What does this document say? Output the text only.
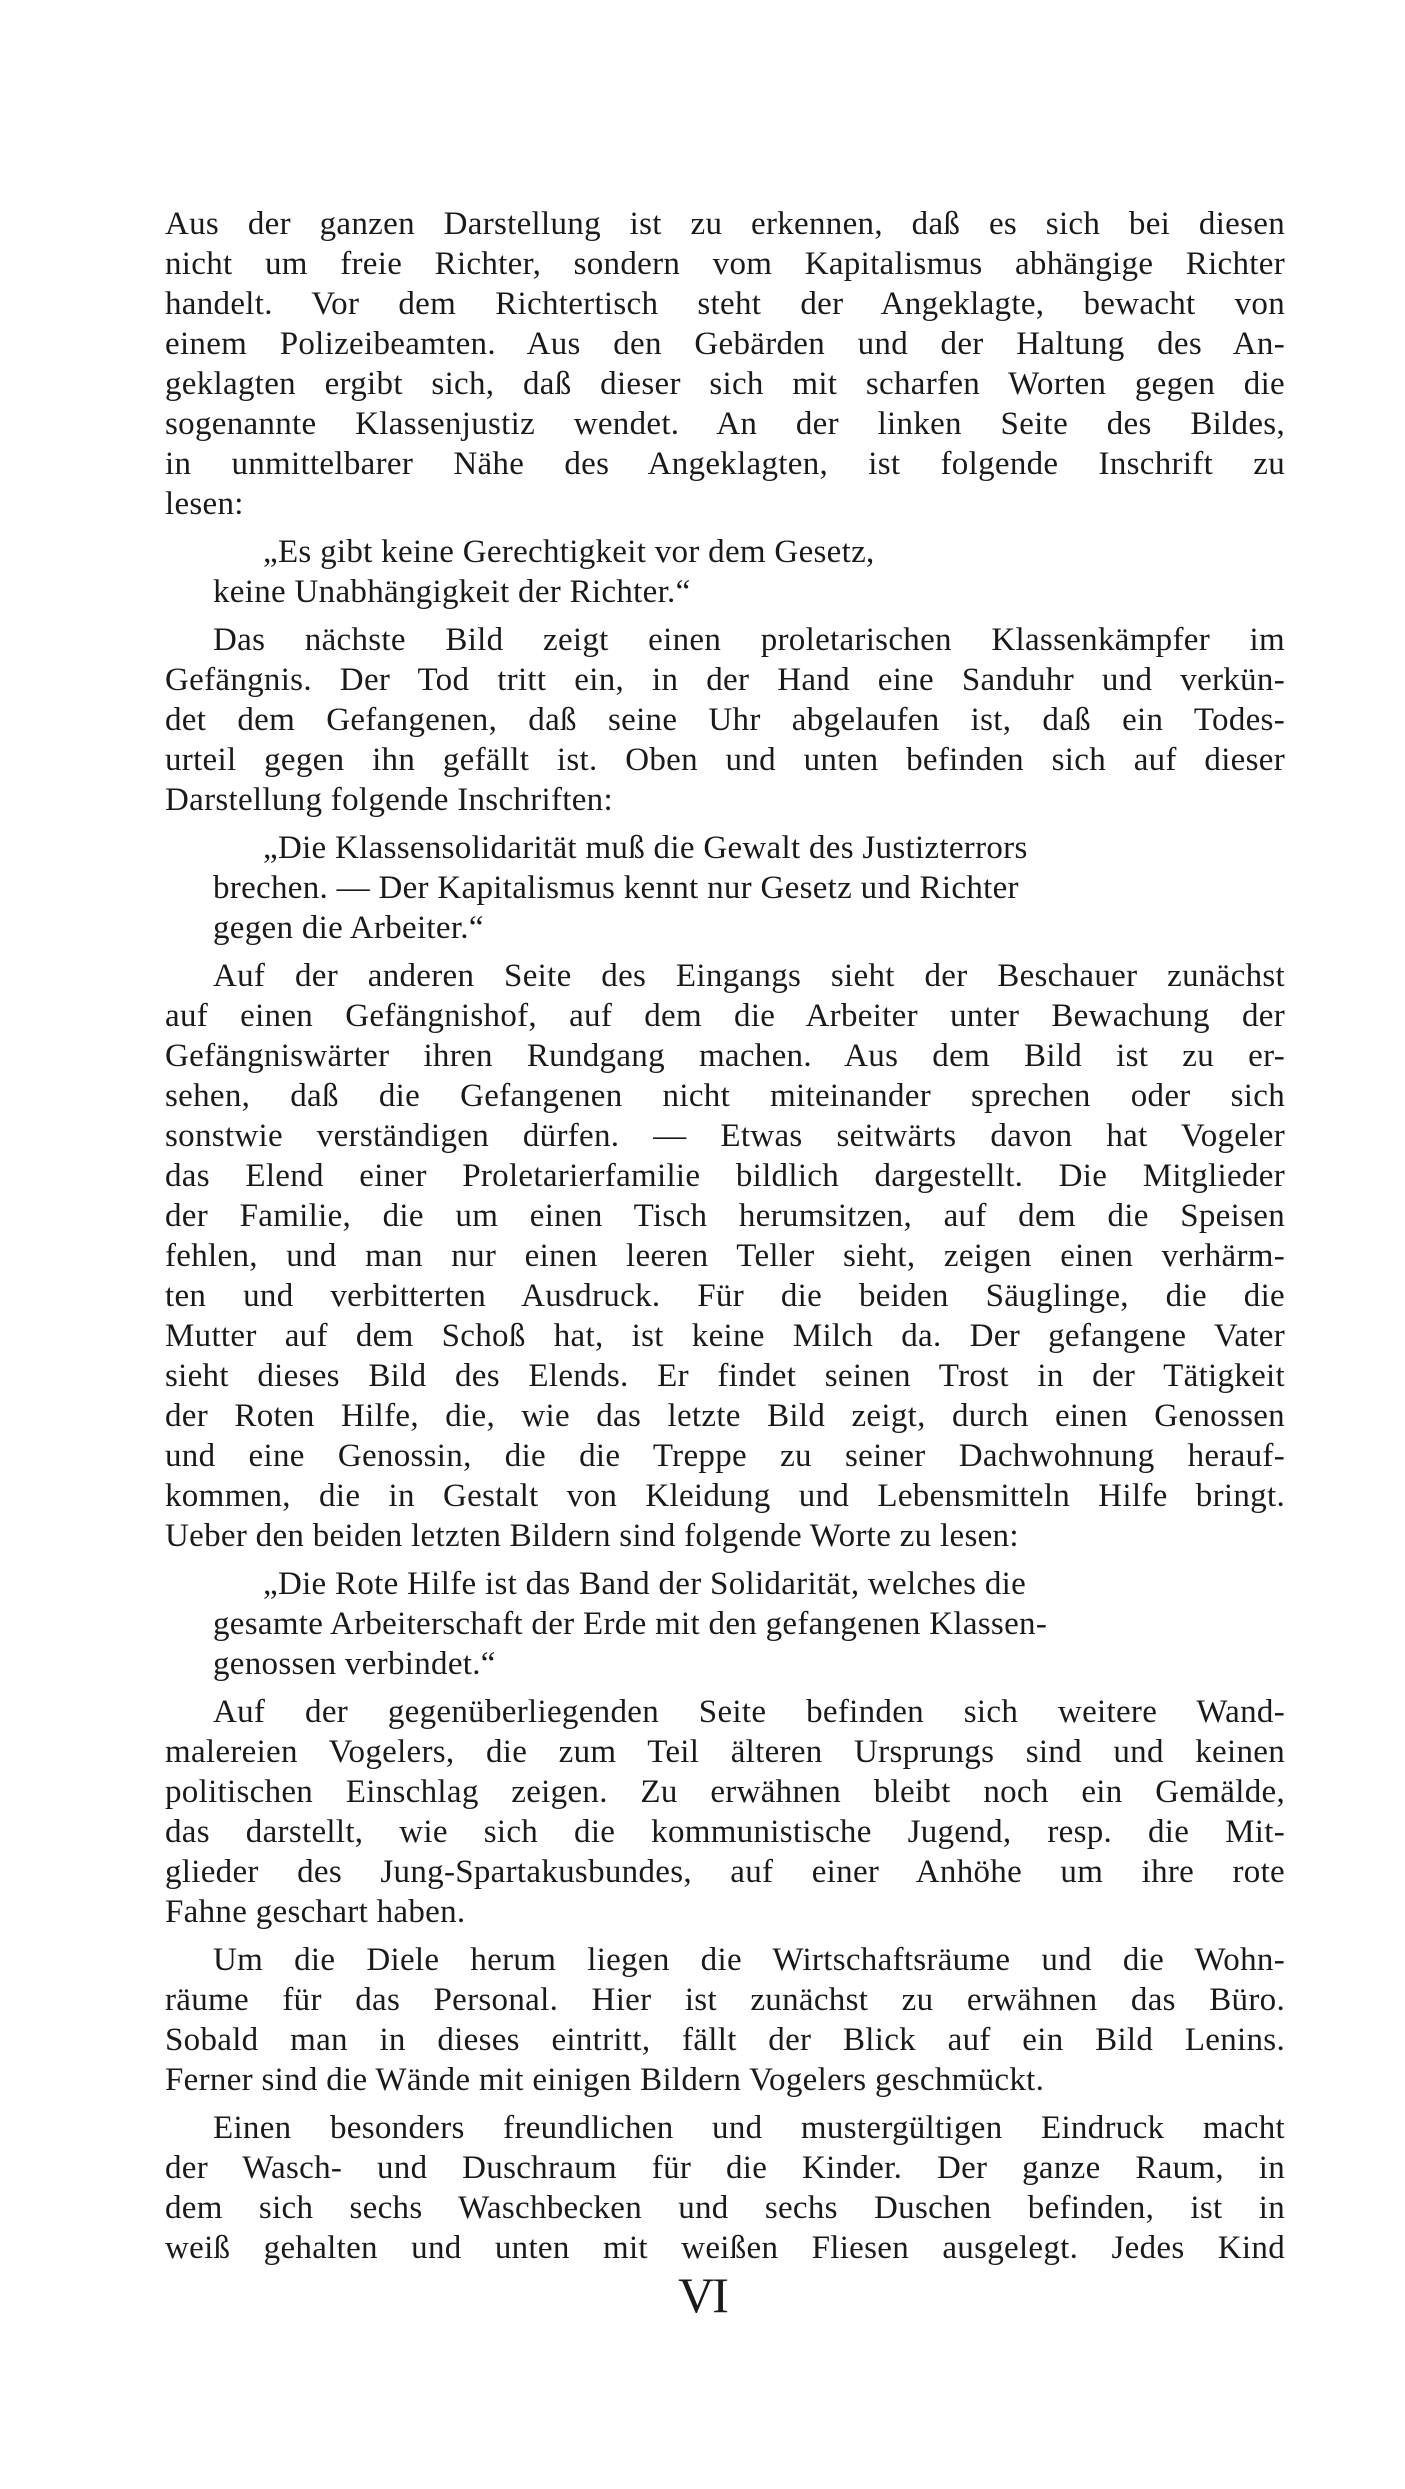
Aus der ganzen Darstellung ist zu erkennen, daß es sich bei diesen
nicht um freie Richter, sondern vom Kapitalismus abhängige Richter
handelt. Vor dem Richtertisch steht der Angeklagte, bewacht von
einem Polizeibeamten. Aus den Gebärden und der Haltung des An-
geklagten ergibt sich, daß dieser sich mit scharfen Worten gegen die
sogenannte Klassenjustiz wendet. An der linken Seite des Bildes,
in unmittelbarer Nähe des Angeklagten, ist folgende Inschrift zu
lesen:
„Es gibt keine Gerechtigkeit vor dem Gesetz,
keine Unabhängigkeit der Richter.“
Das nächste Bild zeigt einen proletarischen Klassenkämpfer im
Gefängnis. Der Tod tritt ein, in der Hand eine Sanduhr und verkün-
det dem Gefangenen, daß seine Uhr abgelaufen ist, daß ein Todes-
urteil gegen ihn gefällt ist. Oben und unten befinden sich auf dieser
Darstellung folgende Inschriften:
„Die Klassensolidarität muß die Gewalt des Justizterrors
brechen. — Der Kapitalismus kennt nur Gesetz und Richter
gegen die Arbeiter.“
Auf der anderen Seite des Eingangs sieht der Beschauer zunächst
auf einen Gefängnishof, auf dem die Arbeiter unter Bewachung der
Gefängniswärter ihren Rundgang machen. Aus dem Bild ist zu er-
sehen, daß die Gefangenen nicht miteinander sprechen oder sich
sonstwie verständigen dürfen. — Etwas seitwärts davon hat Vogeler
das Elend einer Proletarierfamilie bildlich dargestellt. Die Mitglieder
der Familie, die um einen Tisch herumsitzen, auf dem die Speisen
fehlen, und man nur einen leeren Teller sieht, zeigen einen verhärm-
ten und verbitterten Ausdruck. Für die beiden Säuglinge, die die
Mutter auf dem Schoß hat, ist keine Milch da. Der gefangene Vater
sieht dieses Bild des Elends. Er findet seinen Trost in der Tätigkeit
der Roten Hilfe, die, wie das letzte Bild zeigt, durch einen Genossen
und eine Genossin, die die Treppe zu seiner Dachwohnung herauf-
kommen, die in Gestalt von Kleidung und Lebensmitteln Hilfe bringt.
Ueber den beiden letzten Bildern sind folgende Worte zu lesen:
„Die Rote Hilfe ist das Band der Solidarität, welches die
gesamte Arbeiterschaft der Erde mit den gefangenen Klassen-
genossen verbindet.“
Auf der gegenüberliegenden Seite befinden sich weitere Wand-
malereien Vogelers, die zum Teil älteren Ursprungs sind und keinen
politischen Einschlag zeigen. Zu erwähnen bleibt noch ein Gemälde,
das darstellt, wie sich die kommunistische Jugend, resp. die Mit-
glieder des Jung-Spartakusbundes, auf einer Anhöhe um ihre rote
Fahne geschart haben.
Um die Diele herum liegen die Wirtschaftsräume und die Wohn-
räume für das Personal. Hier ist zunächst zu erwähnen das Büro.
Sobald man in dieses eintritt, fällt der Blick auf ein Bild Lenins.
Ferner sind die Wände mit einigen Bildern Vogelers geschmückt.
Einen besonders freundlichen und mustergültigen Eindruck macht
der Wasch- und Duschraum für die Kinder. Der ganze Raum, in
dem sich sechs Waschbecken und sechs Duschen befinden, ist in
weiß gehalten und unten mit weißen Fliesen ausgelegt. Jedes Kind
VI
